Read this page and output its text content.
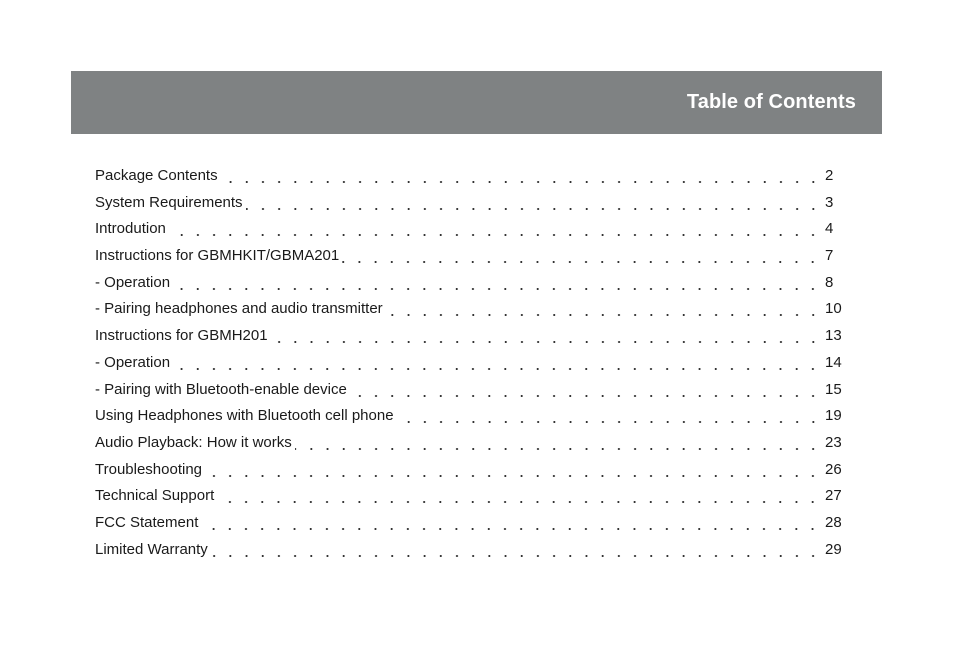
Table of Contents
Package Contents	2
System Requirements	3
Introdution	4
Instructions for GBMHKIT/GBMA201	7
- Operation	8
- Pairing headphones and audio transmitter	10
Instructions for GBMH201	13
- Operation	14
- Pairing with Bluetooth-enable device	15
Using Headphones with Bluetooth cell phone	19
Audio Playback: How it works	23
Troubleshooting	26
Technical Support	27
FCC Statement	28
Limited Warranty	29
